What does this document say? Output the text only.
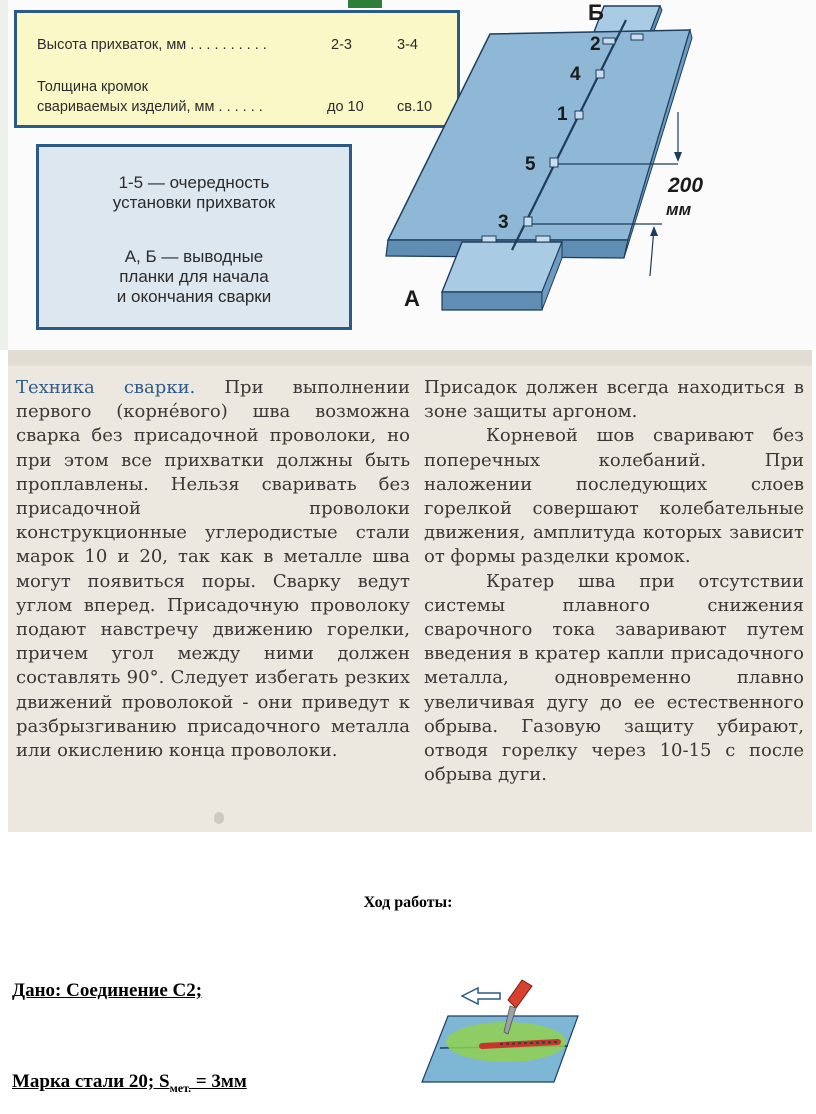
Высота прихваток, мм . . . . . . . . . .	2-3	3-4
Толщина кромок
свариваемых изделий, мм . . . . . .	до 10 св.10
1-5 — очередность
установки прихваток
А, Б — выводные
планки для начала
и окончания сварки
2
4
1
5
3
Б
А
200
мм

Техника сварки. При выполнении первого (корнéвого) шва возможна сварка без присадочной проволоки, но при этом все прихватки должны быть проплавлены. Нельзя сваривать без присадочной проволоки конструкционные углеродистые стали марок 10 и 20, так как в металле шва могут появиться поры. Сварку ведут углом вперед. Присадочную проволоку подают навстречу движению горелки, причем угол между ними должен составлять 90°. Следует избегать резких движений проволокой - они приведут к разбрызгиванию присадочного металла или окислению конца проволоки.

Присадок должен всегда находиться в зоне защиты аргоном.

Корневой шов сваривают без поперечных колебаний. При наложении последующих слоев горелкой совершают колебательные движения, амплитуда которых зависит от формы разделки кромок.

Кратер шва при отсутствии системы плавного снижения сварочного тока заваривают путем введения в кратер капли присадочного металла, одновременно плавно увеличивая дугу до ее естественного обрыва. Газовую защиту убирают, отводя горелку через 10-15 с после обрыва дуги.

Ход работы:
Дано: Соединение С2;
Марка стали 20; $S_{мет.} = 3мм$
